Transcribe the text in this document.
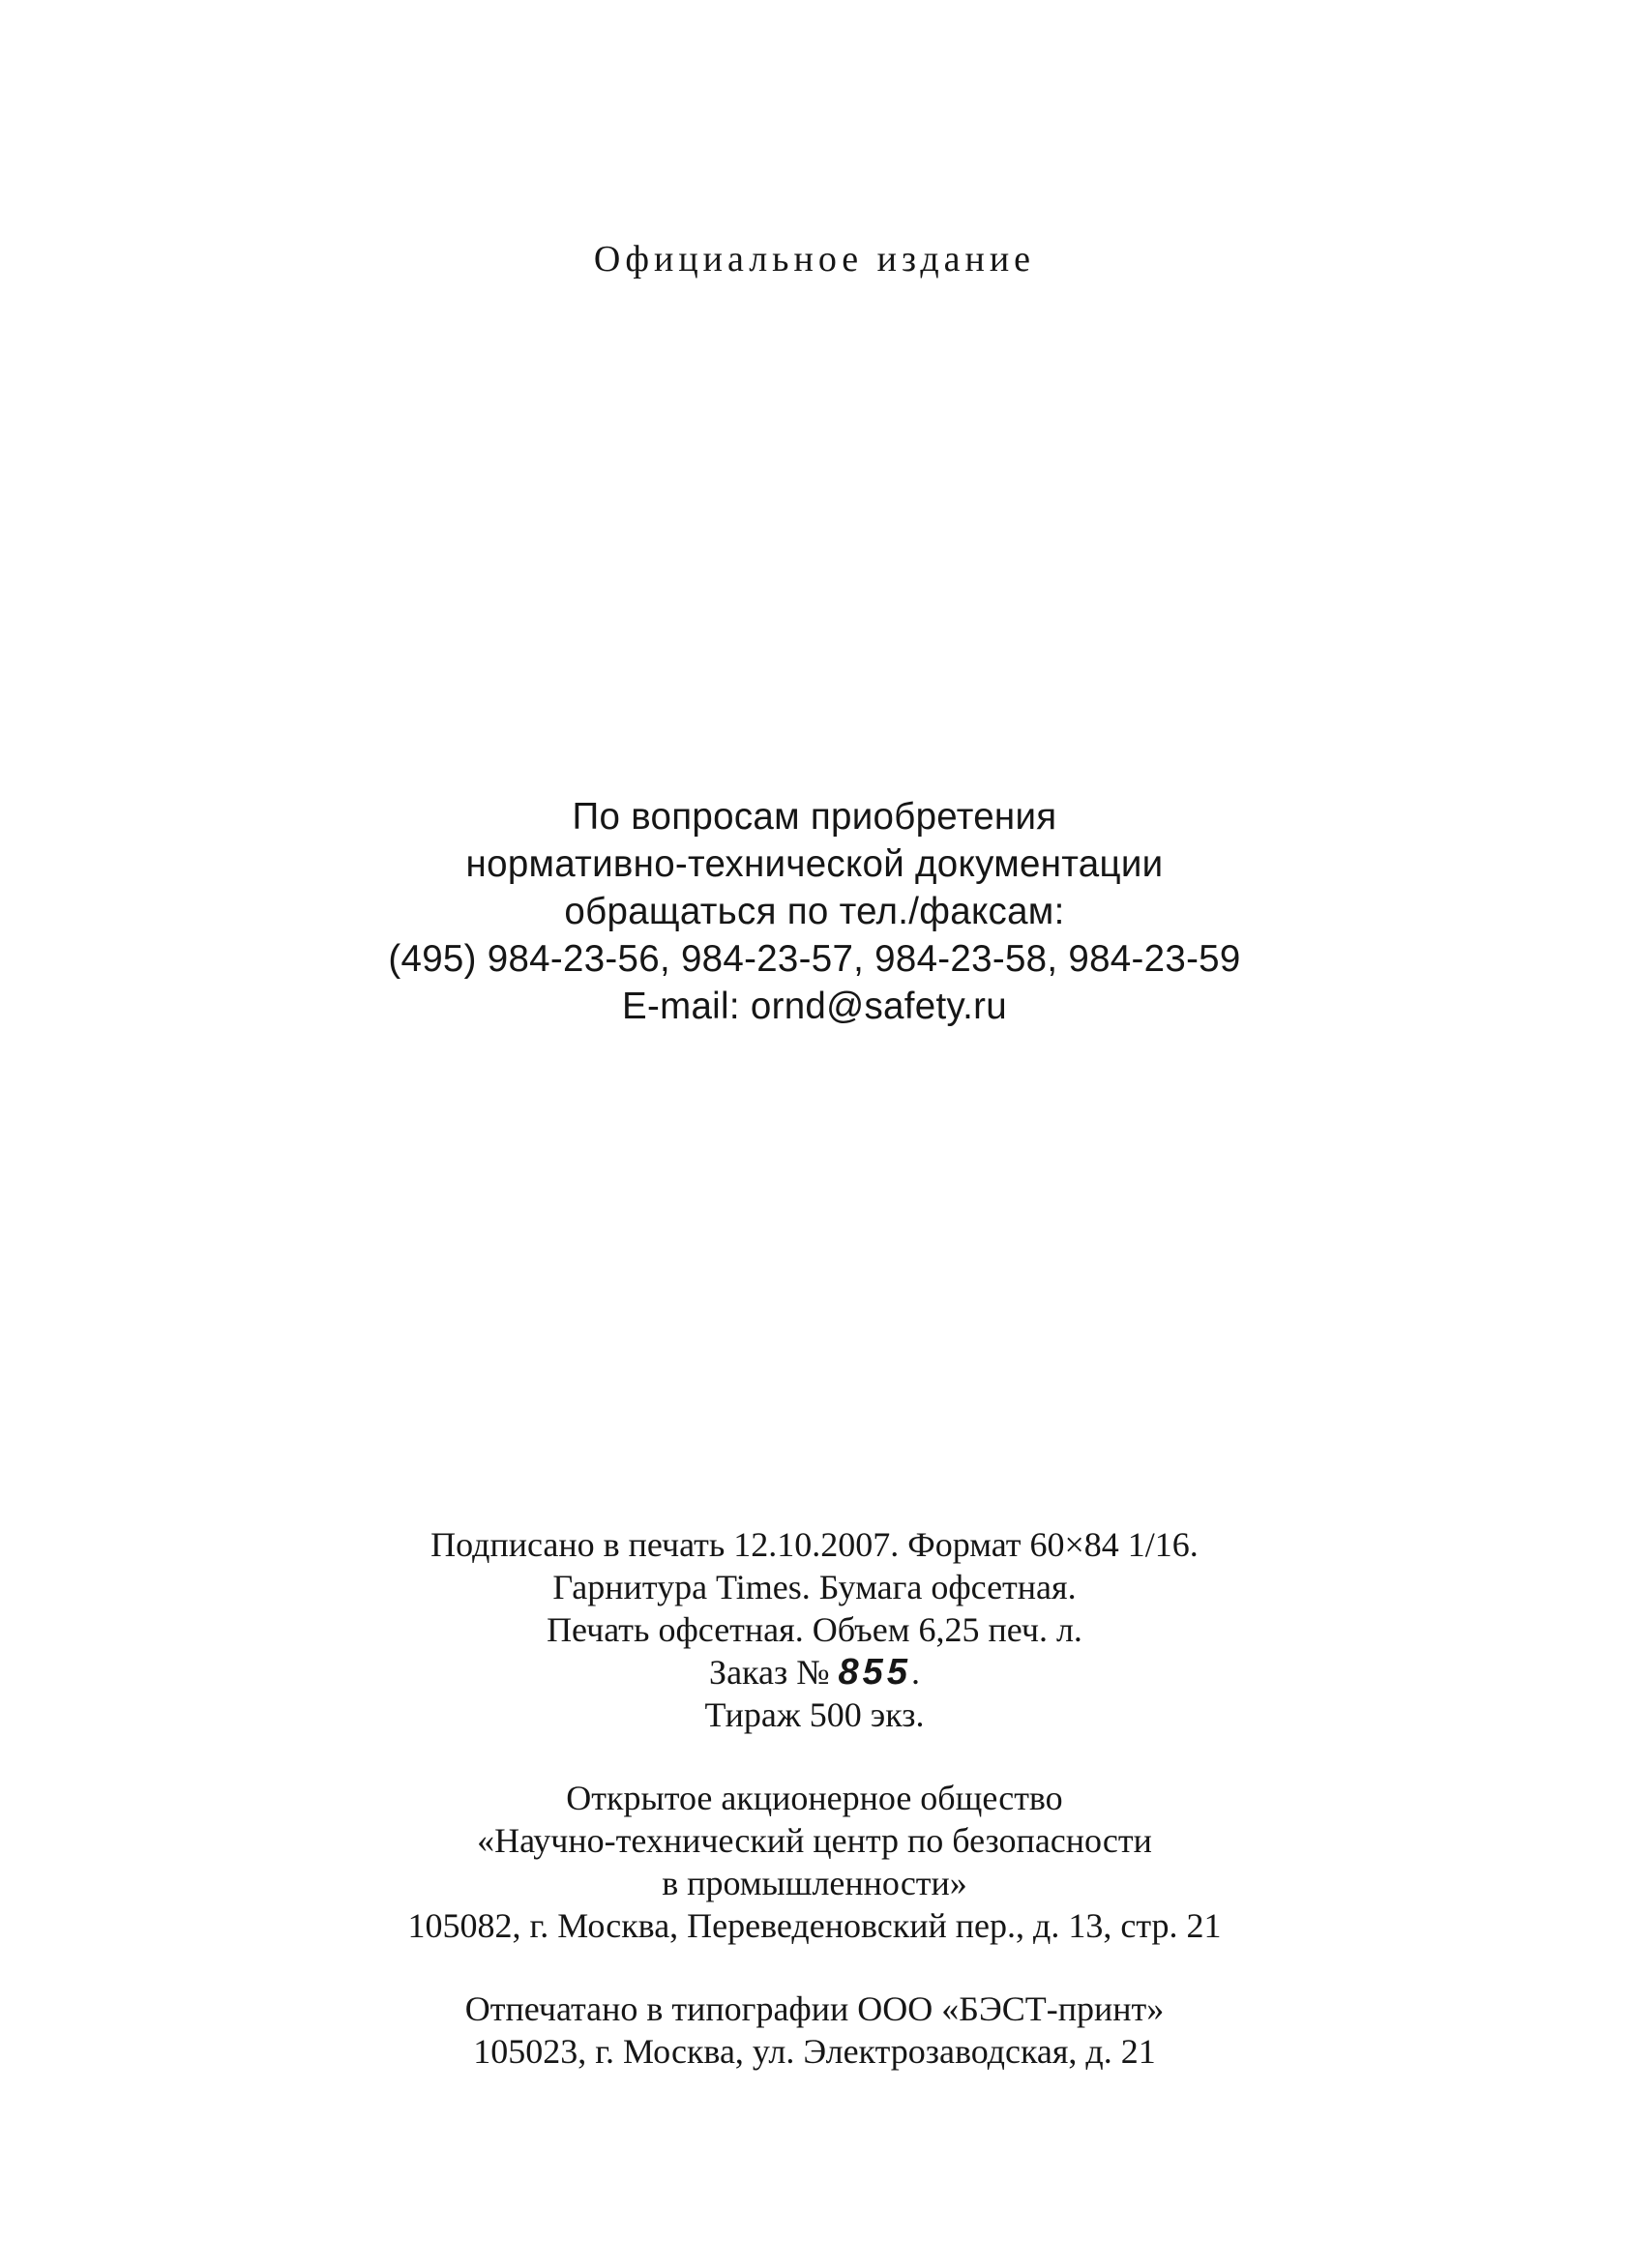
Официальное издание
По вопросам приобретения
нормативно-технической документации
обращаться по тел./факсам:
(495) 984-23-56, 984-23-57, 984-23-58, 984-23-59
E-mail: ornd@safety.ru
Подписано в печать 12.10.2007. Формат 60×84 1/16.
Гарнитура Times. Бумага офсетная.
Печать офсетная. Объем 6,25 печ. л.
Заказ № 855.
Тираж 500 экз.
Открытое акционерное общество
«Научно-технический центр по безопасности
в промышленности»
105082, г. Москва, Переведеновский пер., д. 13, стр. 21
Отпечатано в типографии ООО «БЭСТ-принт»
105023, г. Москва, ул. Электрозаводская, д. 21
